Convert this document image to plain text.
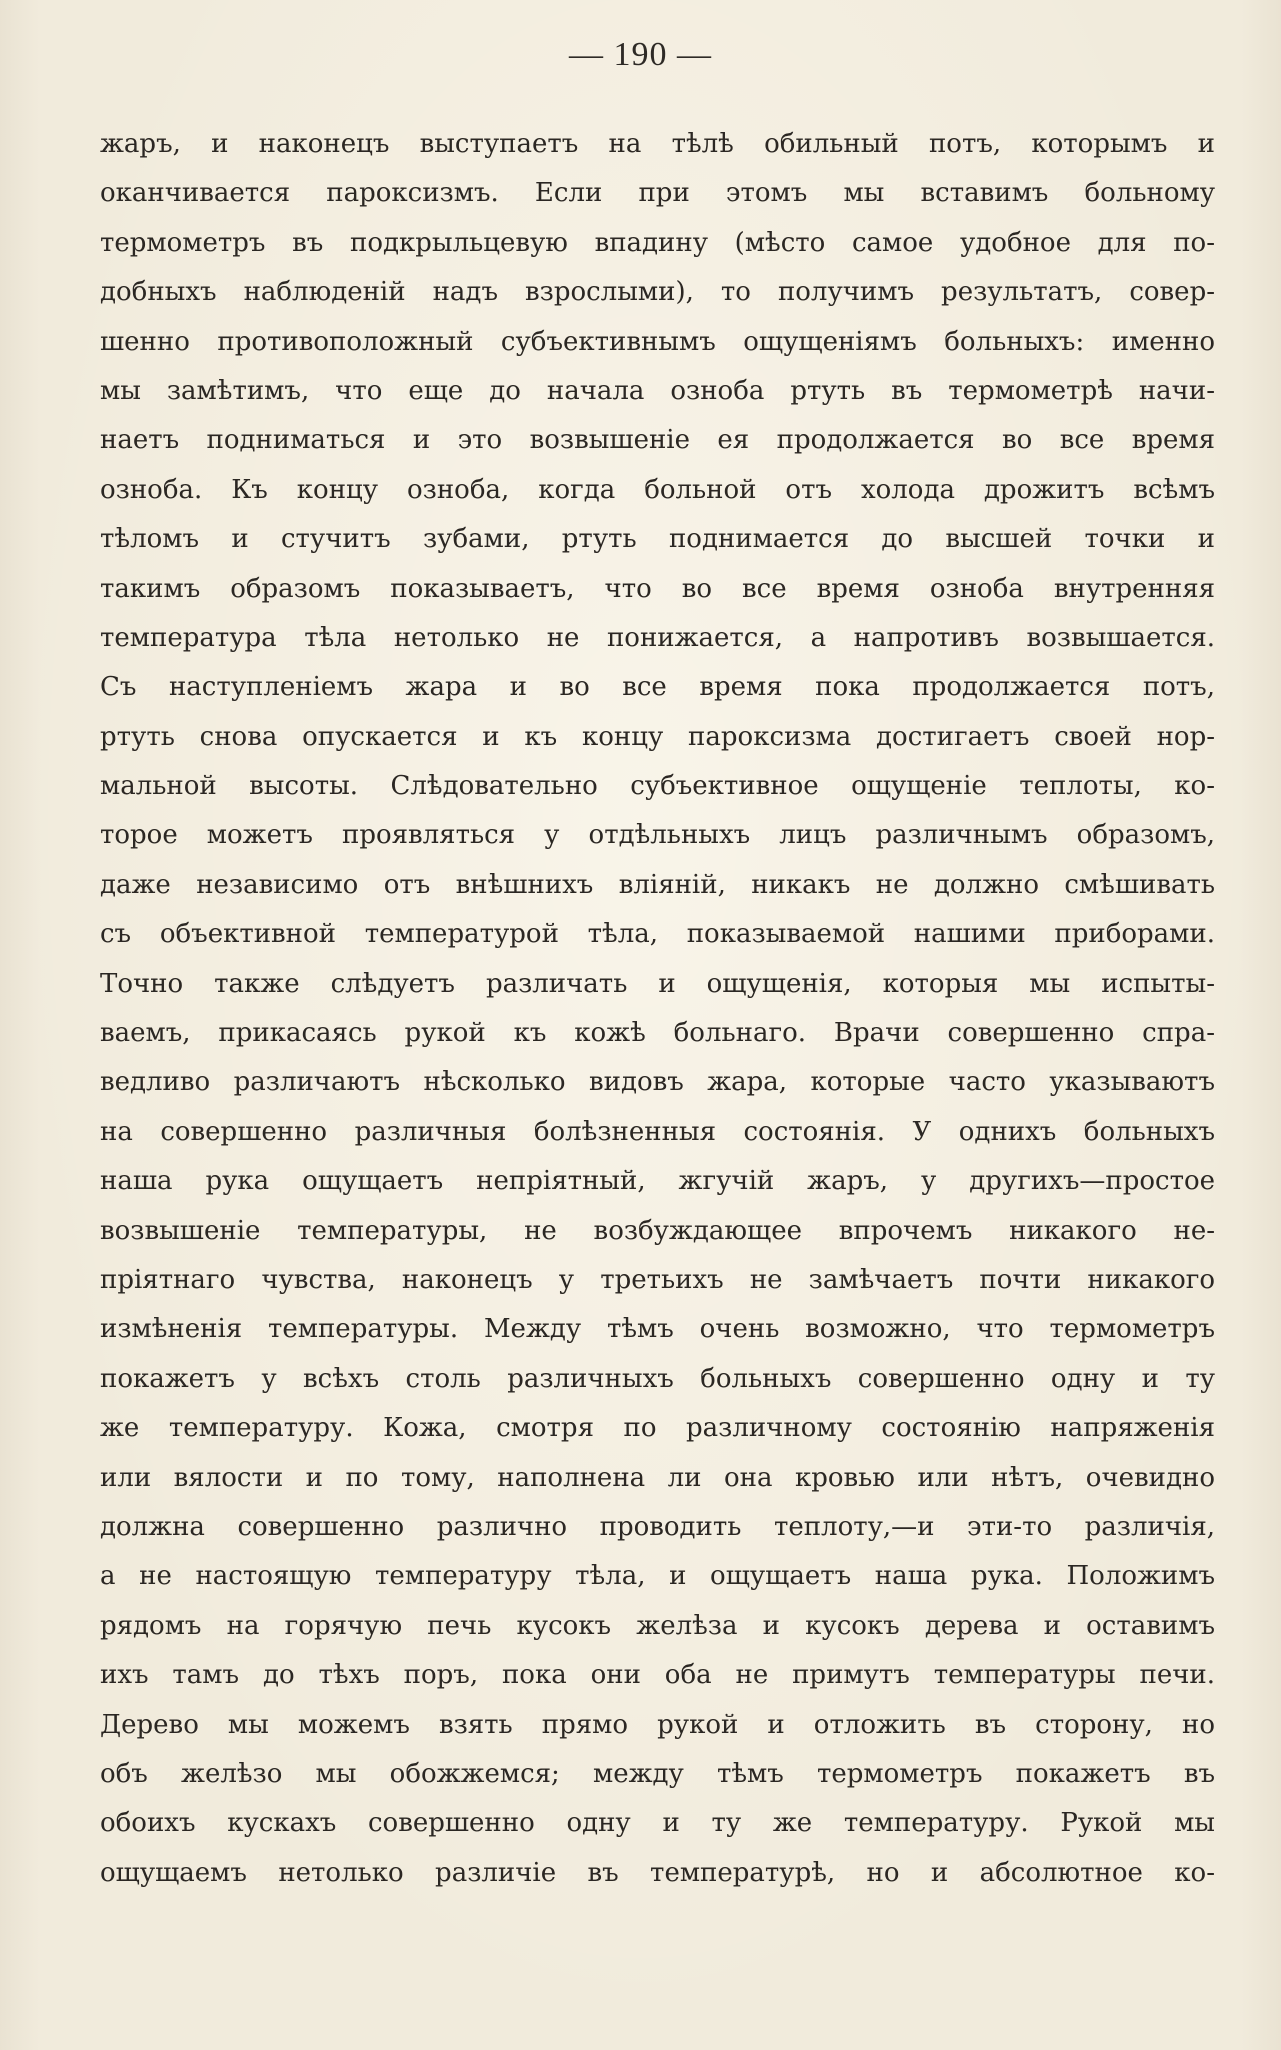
— 190 —
жаръ, и наконецъ выступаетъ на тѣлѣ обильный потъ, которымъ и
оканчивается пароксизмъ. Если при этомъ мы вставимъ больному
термометръ въ подкрыльцевую впадину (мѣсто самое удобное для по-
добныхъ наблюденій надъ взрослыми), то получимъ результатъ, совер-
шенно противоположный субъективнымъ ощущеніямъ больныхъ: именно
мы замѣтимъ, что еще до начала озноба ртуть въ термометрѣ начи-
наетъ подниматься и это возвышеніе ея продолжается во все время
озноба. Къ концу озноба, когда больной отъ холода дрожитъ всѣмъ
тѣломъ и стучитъ зубами, ртуть поднимается до высшей точки и
такимъ образомъ показываетъ, что во все время озноба внутренняя
температура тѣла нетолько не понижается, а напротивъ возвышается.
Съ наступленіемъ жара и во все время пока продолжается потъ,
ртуть снова опускается и къ концу пароксизма достигаетъ своей нор-
мальной высоты. Слѣдовательно субъективное ощущеніе теплоты, ко-
торое можетъ проявляться у отдѣльныхъ лицъ различнымъ образомъ,
даже независимо отъ внѣшнихъ вліяній, никакъ не должно смѣшивать
съ объективной температурой тѣла, показываемой нашими приборами.
Точно также слѣдуетъ различать и ощущенія, которыя мы испыты-
ваемъ, прикасаясь рукой къ кожѣ больнаго. Врачи совершенно спра-
ведливо различаютъ нѣсколько видовъ жара, которые часто указываютъ
на совершенно различныя болѣзненныя состоянія. У однихъ больныхъ
наша рука ощущаетъ непріятный, жгучій жаръ, у другихъ—простое
возвышеніе температуры, не возбуждающее впрочемъ никакого не-
пріятнаго чувства, наконецъ у третьихъ не замѣчаетъ почти никакого
измѣненія температуры. Между тѣмъ очень возможно, что термометръ
покажетъ у всѣхъ столь различныхъ больныхъ совершенно одну и ту
же температуру. Кожа, смотря по различному состоянію напряженія
или вялости и по тому, наполнена ли она кровью или нѣтъ, очевидно
должна совершенно различно проводить теплоту,—и эти-то различія,
а не настоящую температуру тѣла, и ощущаетъ наша рука. Положимъ
рядомъ на горячую печь кусокъ желѣза и кусокъ дерева и оставимъ
ихъ тамъ до тѣхъ поръ, пока они оба не примутъ температуры печи.
Дерево мы можемъ взять прямо рукой и отложить въ сторону, но
объ желѣзо мы обожжемся; между тѣмъ термометръ покажетъ въ
обоихъ кускахъ совершенно одну и ту же температуру. Рукой мы
ощущаемъ нетолько различіе въ температурѣ, но и абсолютное ко-
